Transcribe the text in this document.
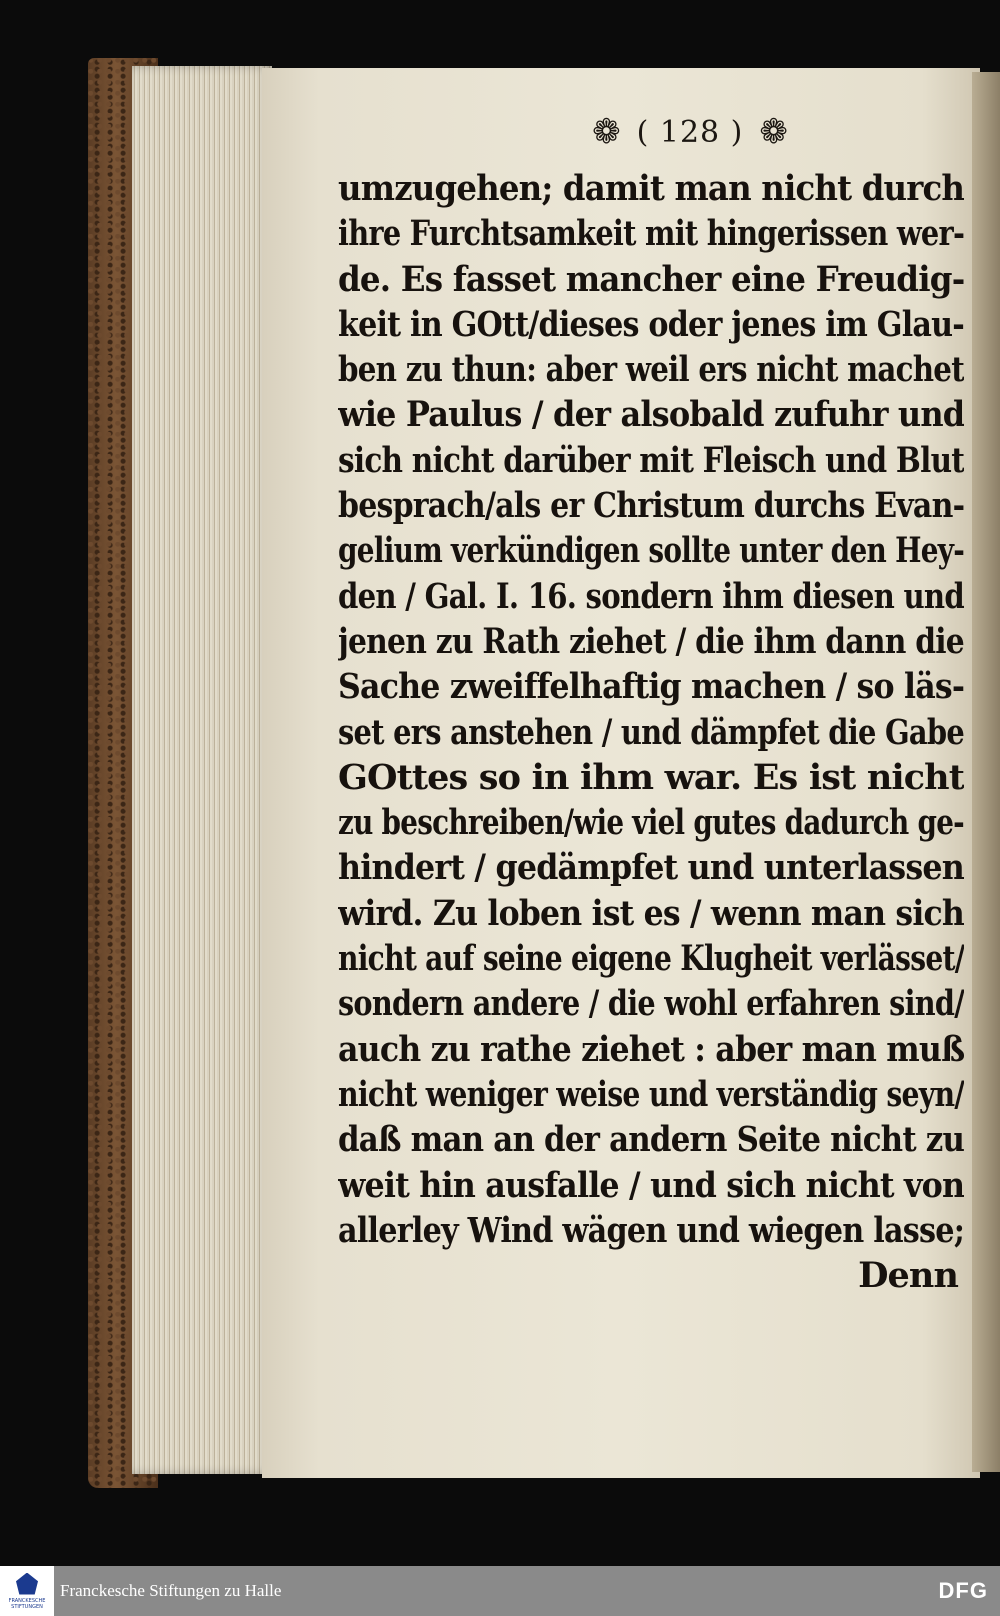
❁ ( 128 ) ❁
umzugehen; damit man nicht durch
ihre Furchtsamkeit mit hingerissen wer-
de. Es fasset mancher eine Freudig-
keit in GOtt/dieses oder jenes im Glau-
ben zu thun: aber weil ers nicht machet
wie Paulus / der alsobald zufuhr und
sich nicht darüber mit Fleisch und Blut
besprach/als er Christum durchs Evan-
gelium verkündigen sollte unter den Hey-
den / Gal. I. 16. sondern ihm diesen und
jenen zu Rath ziehet / die ihm dann die
Sache zweiffelhaftig machen / so läs-
set ers anstehen / und dämpfet die Gabe
GOttes so in ihm war. Es ist nicht
zu beschreiben/wie viel gutes dadurch ge-
hindert / gedämpfet und unterlassen
wird. Zu loben ist es / wenn man sich
nicht auf seine eigene Klugheit verlässet/
sondern andere / die wohl erfahren sind/
auch zu rathe ziehet : aber man muß
nicht weniger weise und verständig seyn/
daß man an der andern Seite nicht zu
weit hin ausfalle / und sich nicht von
allerley Wind wägen und wiegen lasse;
Denn
FRANCKESCHE STIFTUNGEN
Franckesche Stiftungen zu Halle	DFG
